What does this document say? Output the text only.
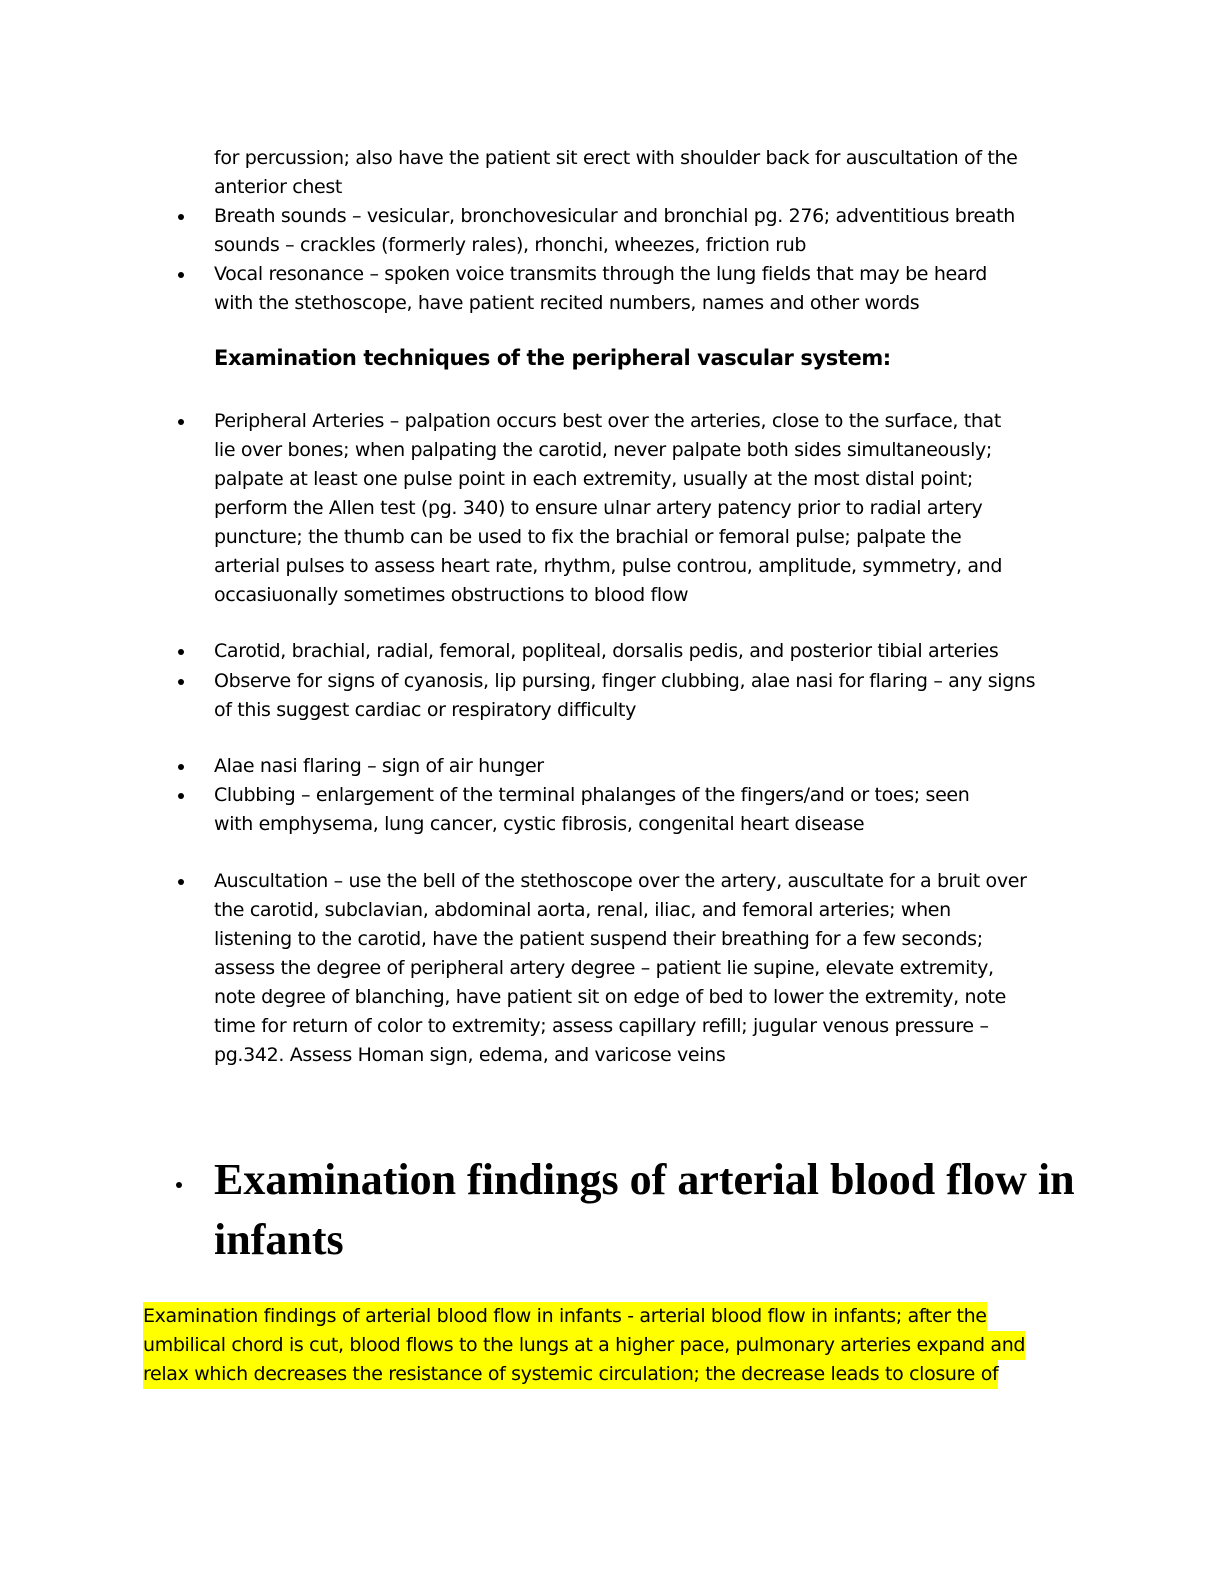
for percussion; also have the patient sit erect with shoulder back for auscultation of the

anterior chest

Breath sounds – vesicular, bronchovesicular and bronchial pg. 276; adventitious breath

sounds – crackles (formerly rales), rhonchi, wheezes, friction rub

Vocal resonance – spoken voice transmits through the lung fields that may be heard

with the stethoscope, have patient recited numbers, names and other words

Examination techniques of the peripheral vascular system:

Peripheral Arteries – palpation occurs best over the arteries, close to the surface, that

lie over bones; when palpating the carotid, never palpate both sides simultaneously;

palpate at least one pulse point in each extremity, usually at the most distal point;

perform the Allen test (pg. 340) to ensure ulnar artery patency prior to radial artery

puncture; the thumb can be used to fix the brachial or femoral pulse; palpate the

arterial pulses to assess heart rate, rhythm, pulse controu, amplitude, symmetry, and

occasiuonally sometimes obstructions to blood flow

Carotid, brachial, radial, femoral, popliteal, dorsalis pedis, and posterior tibial arteries

Observe for signs of cyanosis, lip pursing, finger clubbing, alae nasi for flaring – any signs

of this suggest cardiac or respiratory difficulty

Alae nasi flaring – sign of air hunger

Clubbing – enlargement of the terminal phalanges of the fingers/and or toes; seen

with emphysema, lung cancer, cystic fibrosis, congenital heart disease

Auscultation – use the bell of the stethoscope over the artery, auscultate for a bruit over

the carotid, subclavian, abdominal aorta, renal, iliac, and femoral arteries; when

listening to the carotid, have the patient suspend their breathing for a few seconds;

assess the degree of peripheral artery degree – patient lie supine, elevate extremity,

note degree of blanching, have patient sit on edge of bed to lower the extremity, note

time for return of color to extremity; assess capillary refill; jugular venous pressure –

pg.342. Assess Homan sign, edema, and varicose veins

Examination findings of arterial blood flow in
infants

Examination findings of arterial blood flow in infants - arterial blood flow in infants; after the

umbilical chord is cut, blood flows to the lungs at a higher pace, pulmonary arteries expand and

relax which decreases the resistance of systemic circulation; the decrease leads to closure of
